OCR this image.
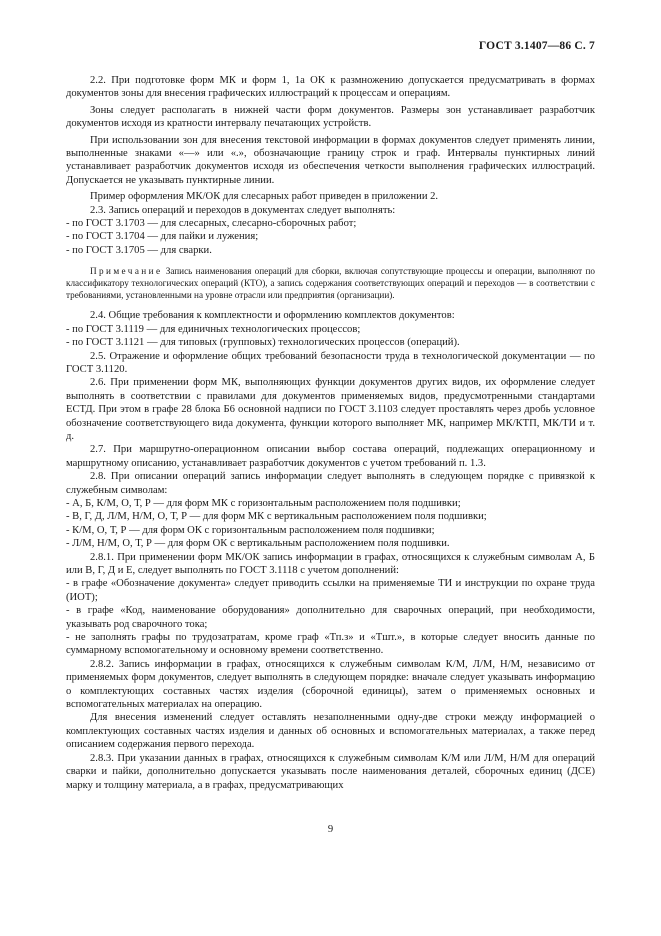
ГОСТ 3.1407—86 С. 7

2.2. При подготовке форм МК и форм 1, 1а ОК к размножению допускается предусматривать в формах документов зоны для внесения графических иллюстраций к процессам и операциям.

Зоны следует располагать в нижней части форм документов. Размеры зон устанавливает разработчик документов исходя из кратности интервалу печатающих устройств.

При использовании зон для внесения текстовой информации в формах документов следует применять линии, выполненные знаками «—» или «.», обозначающие границу строк и граф. Интервалы пунктирных линий устанавливает разработчик документов исходя из обеспечения четкости выполнения графических иллюстраций. Допускается не указывать пунктирные линии.

Пример оформления МК/ОК для слесарных работ приведен в приложении 2.

2.3. Запись операций и переходов в документах следует выполнять:

- по ГОСТ 3.1703 — для слесарных, слесарно-сборочных работ;

- по ГОСТ 3.1704 — для пайки и лужения;

- по ГОСТ 3.1705 — для сварки.

Примечание Запись наименования операций для сборки, включая сопутствующие процессы и операции, выполняют по классификатору технологических операций (КТО), а запись содержания соответствующих операций и переходов — в соответствии с требованиями, установленными на уровне отрасли или предприятия (организации).

2.4. Общие требования к комплектности и оформлению комплектов документов:

- по ГОСТ 3.1119 — для единичных технологических процессов;

- по ГОСТ 3.1121 — для типовых (групповых) технологических процессов (операций).

2.5. Отражение и оформление общих требований безопасности труда в технологической документации — по ГОСТ 3.1120.

2.6. При применении форм МК, выполняющих функции документов других видов, их оформление следует выполнять в соответствии с правилами для документов применяемых видов, предусмотренными стандартами ЕСТД. При этом в графе 28 блока Б6 основной надписи по ГОСТ 3.1103 следует проставлять через дробь условное обозначение соответствующего вида документа, функции которого выполняет МК, например МК/КТП, МК/ТИ и т. д.

2.7. При маршрутно-операционном описании выбор состава операций, подлежащих операционному и маршрутному описанию, устанавливает разработчик документов с учетом требований п. 1.3.

2.8. При описании операций запись информации следует выполнять в следующем порядке с привязкой к служебным символам:

- А, Б, К/М, О, Т, Р — для форм МК с горизонтальным расположением поля подшивки;

- В, Г, Д, Л/М, Н/М, О, Т, Р — для форм МК с вертикальным расположением поля подшивки;

- К/М, О, Т, Р — для форм ОК с горизонтальным расположением поля подшивки;

- Л/М, Н/М, О, Т, Р — для форм ОК с вертикальным расположением поля подшивки.

2.8.1. При применении форм МК/ОК запись информации в графах, относящихся к служебным символам А, Б или В, Г, Д и Е, следует выполнять по ГОСТ 3.1118 с учетом дополнений:

- в графе «Обозначение документа» следует приводить ссылки на применяемые ТИ и инструкции по охране труда (ИОТ);

- в графе «Код, наименование оборудования» дополнительно для сварочных операций, при необходимости, указывать род сварочного тока;

- не заполнять графы по трудозатратам, кроме граф «Тп.з» и «Тшт.», в которые следует вносить данные по суммарному вспомогательному и основному времени соответственно.

2.8.2. Запись информации в графах, относящихся к служебным символам К/М, Л/М, Н/М, независимо от применяемых форм документов, следует выполнять в следующем порядке: вначале следует указывать информацию о комплектующих составных частях изделия (сборочной единицы), затем о применяемых основных и вспомогательных материалах на операцию.

Для внесения изменений следует оставлять незаполненными одну-две строки между информацией о комплектующих составных частях изделия и данных об основных и вспомогательных материалах, а также перед описанием содержания первого перехода.

2.8.3. При указании данных в графах, относящихся к служебным символам К/М или Л/М, Н/М для операций сварки и пайки, дополнительно допускается указывать после наименования деталей, сборочных единиц (ДСЕ) марку и толщину материала, а в графах, предусматривающих

9
